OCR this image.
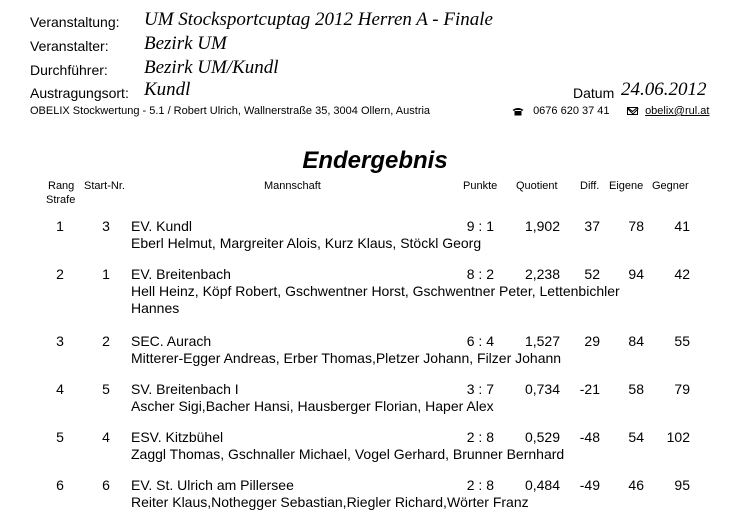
Veranstaltung: UM Stocksportcuptag 2012 Herren A - Finale
Veranstalter: Bezirk UM
Durchführer: Bezirk UM/Kundl
Austragungsort: Kundl	Datum 24.06.2012
OBELIX Stockwertung - 5.1 / Robert Ulrich, Wallnerstraße 35, 3004 Ollern, Austria	0676 620 37 41	obelix@rul.at
Endergebnis
Rang
Strafe
Start-Nr.	Mannschaft	Punkte Quotient Diff. Eigene Gegner
1	3 EV. Kundl	9 : 1	1,902	37	78	41
Eberl Helmut, Margreiter Alois, Kurz Klaus, Stöckl Georg
2	1 EV. Breitenbach	8 : 2	2,238	52	94	42
Hell Heinz, Köpf Robert, Gschwentner Horst, Gschwentner Peter, Lettenbichler
Hannes
3	2 SEC. Aurach	6 : 4	1,527	29	84	55
Mitterer-Egger Andreas, Erber Thomas,Pletzer Johann, Filzer Johann
4	5 SV. Breitenbach I	3 : 7	0,734	-21	58	79
Ascher Sigi,Bacher Hansi, Hausberger Florian, Haper Alex
5	4 ESV. Kitzbühel	2 : 8	0,529	-48	54	102
Zaggl Thomas, Gschnaller Michael, Vogel Gerhard, Brunner Bernhard
6	6 EV. St. Ulrich am Pillersee	2 : 8	0,484	-49	46	95
Reiter Klaus,Nothegger Sebastian,Riegler Richard,Wörter Franz
